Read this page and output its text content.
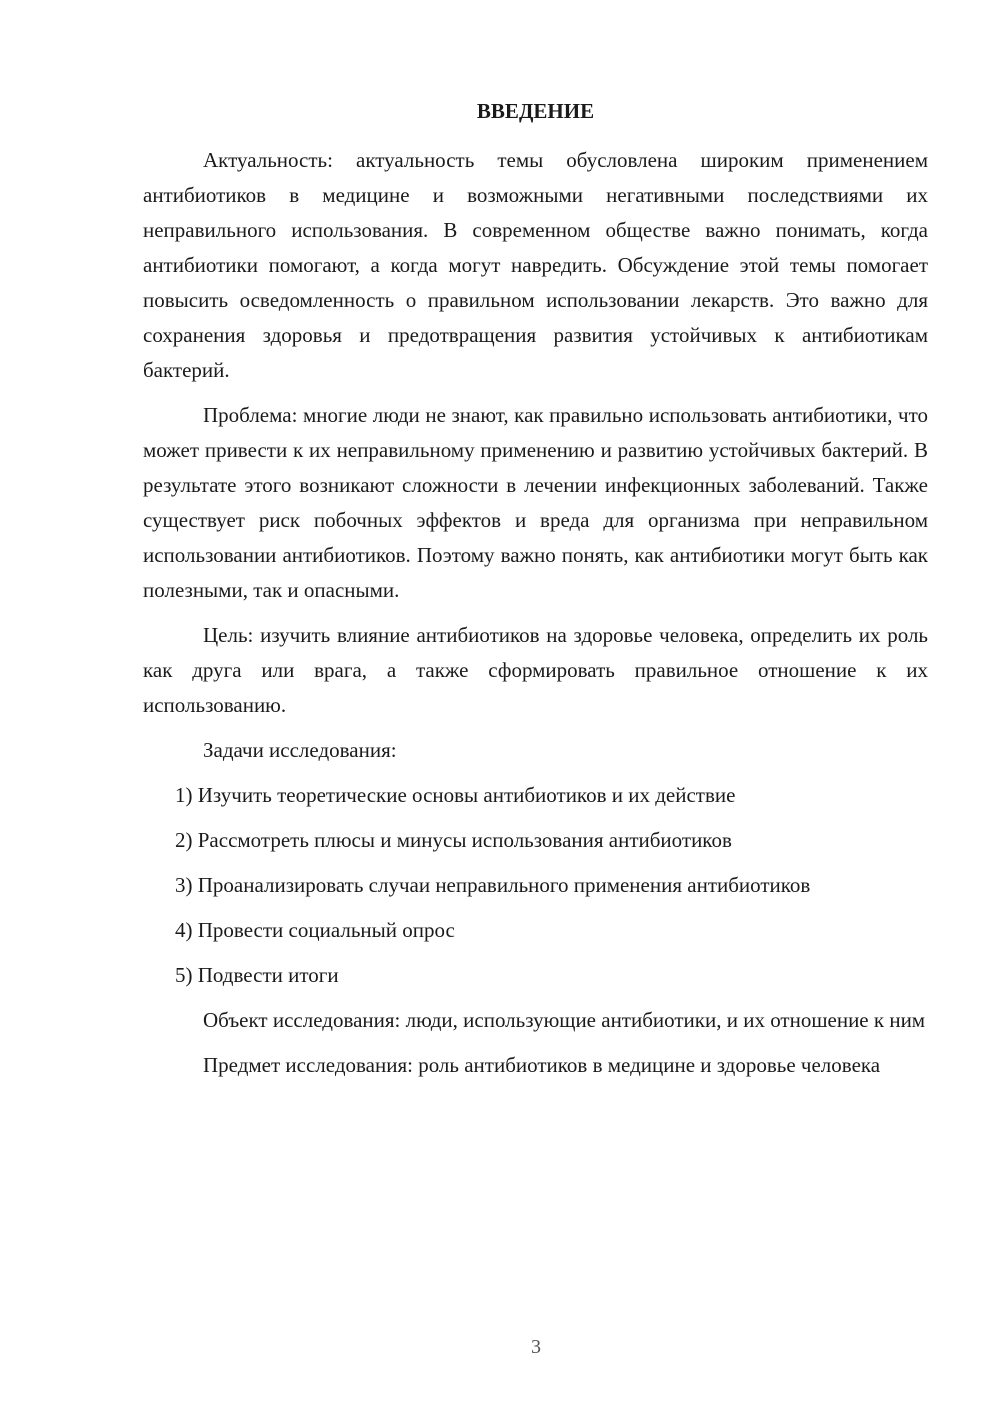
ВВЕДЕНИЕ

Актуальность: актуальность темы обусловлена широким применением антибиотиков в медицине и возможными негативными последствиями их неправильного использования. В современном обществе важно понимать, когда антибиотики помогают, а когда могут навредить. Обсуждение этой темы помогает повысить осведомленность о правильном использовании лекарств. Это важно для сохранения здоровья и предотвращения развития устойчивых к антибиотикам бактерий.

Проблема: многие люди не знают, как правильно использовать антибиотики, что может привести к их неправильному применению и развитию устойчивых бактерий. В результате этого возникают сложности в лечении инфекционных заболеваний. Также существует риск побочных эффектов и вреда для организма при неправильном использовании антибиотиков. Поэтому важно понять, как антибиотики могут быть как полезными, так и опасными.

Цель: изучить влияние антибиотиков на здоровье человека, определить их роль как друга или врага, а также сформировать правильное отношение к их использованию.

Задачи исследования:

1) Изучить теоретические основы антибиотиков и их действие

2) Рассмотреть плюсы и минусы использования антибиотиков

3) Проанализировать случаи неправильного применения антибиотиков

4) Провести социальный опрос

5) Подвести итоги

Объект исследования: люди, использующие антибиотики, и их отношение к ним

Предмет исследования: роль антибиотиков в медицине и здоровье человека

3
